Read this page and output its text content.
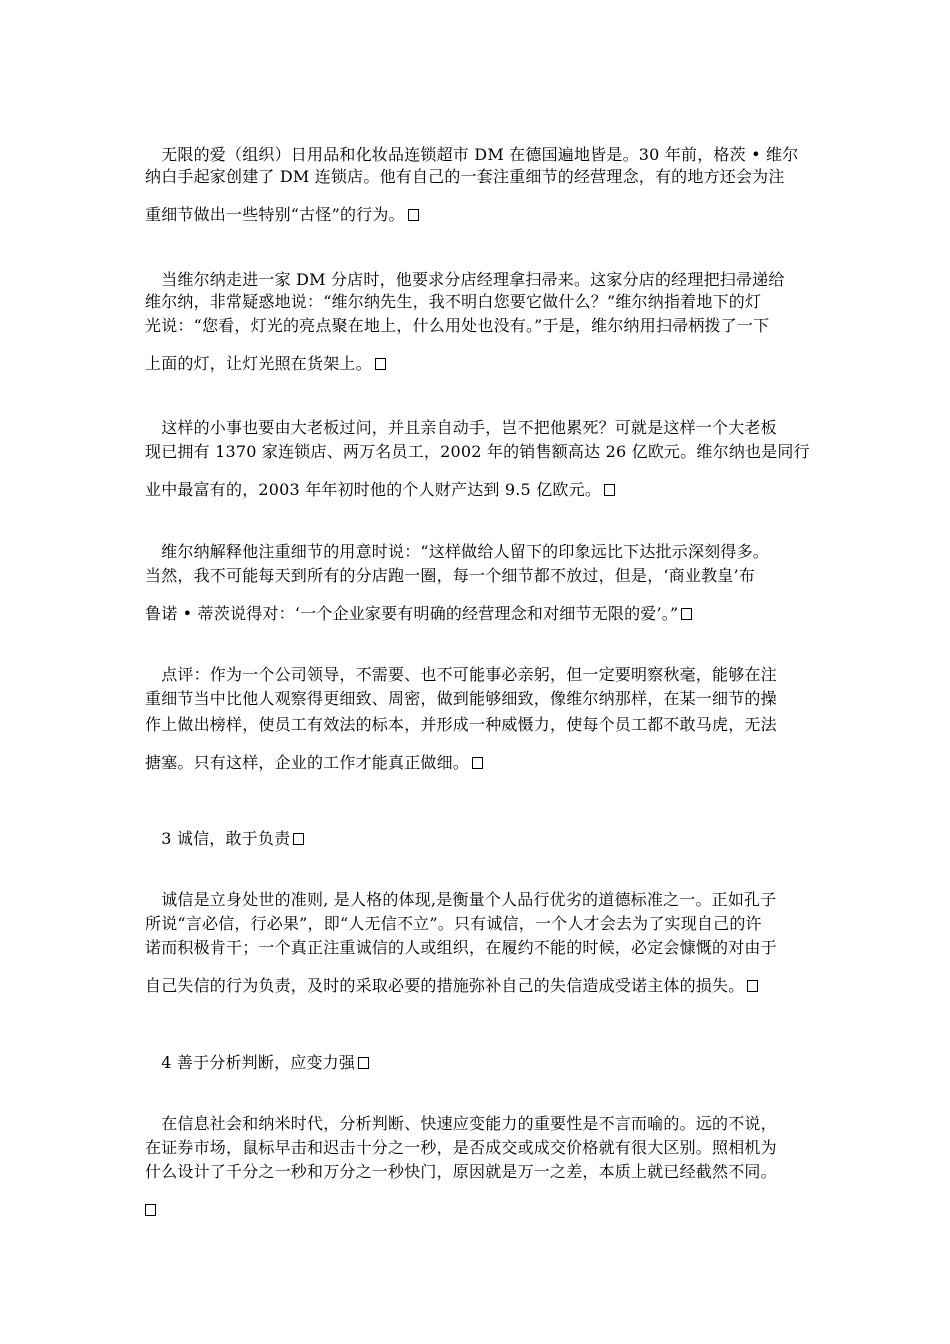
　无限的爱（组织）日用品和化妆品连锁超市 DM 在德国遍地皆是。30 年前，格茨 • 维尔
纳白手起家创建了 DM 连锁店。他有自己的一套注重细节的经营理念，有的地方还会为注
重细节做出一些特别“古怪”的行为。
　当维尔纳走进一家 DM 分店时，他要求分店经理拿扫帚来。这家分店的经理把扫帚递给
维尔纳，非常疑惑地说：“维尔纳先生，我不明白您要它做什么？”维尔纳指着地下的灯
光说：“您看，灯光的亮点聚在地上，什么用处也没有。”于是，维尔纳用扫帚柄拨了一下
上面的灯，让灯光照在货架上。
　这样的小事也要由大老板过问，并且亲自动手，岂不把他累死？可就是这样一个大老板
现已拥有 1370 家连锁店、两万名员工，2002 年的销售额高达 26 亿欧元。维尔纳也是同行
业中最富有的，2003 年年初时他的个人财产达到 9.5 亿欧元。
　维尔纳解释他注重细节的用意时说：“这样做给人留下的印象远比下达批示深刻得多。
当然，我不可能每天到所有的分店跑一圈，每一个细节都不放过，但是，‘商业教皇’布
鲁诺 • 蒂茨说得对：‘一个企业家要有明确的经营理念和对细节无限的爱’。”
　点评：作为一个公司领导，不需要、也不可能事必亲躬，但一定要明察秋毫，能够在注
重细节当中比他人观察得更细致、周密，做到能够细致，像维尔纳那样，在某一细节的操
作上做出榜样，使员工有效法的标本，并形成一种威慑力，使每个员工都不敢马虎，无法
搪塞。只有这样，企业的工作才能真正做细。
　3 诚信，敢于负责
　诚信是立身处世的准则, 是人格的体现,是衡量个人品行优劣的道德标准之一。正如孔子
所说“言必信，行必果”，即“人无信不立”。只有诚信，一个人才会去为了实现自己的许
诺而积极肯干；一个真正注重诚信的人或组织，在履约不能的时候，必定会慷慨的对由于
自己失信的行为负责，及时的采取必要的措施弥补自己的失信造成受诺主体的损失。
　4 善于分析判断，应变力强
　在信息社会和纳米时代，分析判断、快速应变能力的重要性是不言而喻的。远的不说，
在证券市场，鼠标早击和迟击十分之一秒，是否成交或成交价格就有很大区别。照相机为
什么设计了千分之一秒和万分之一秒快门，原因就是万一之差，本质上就已经截然不同。
